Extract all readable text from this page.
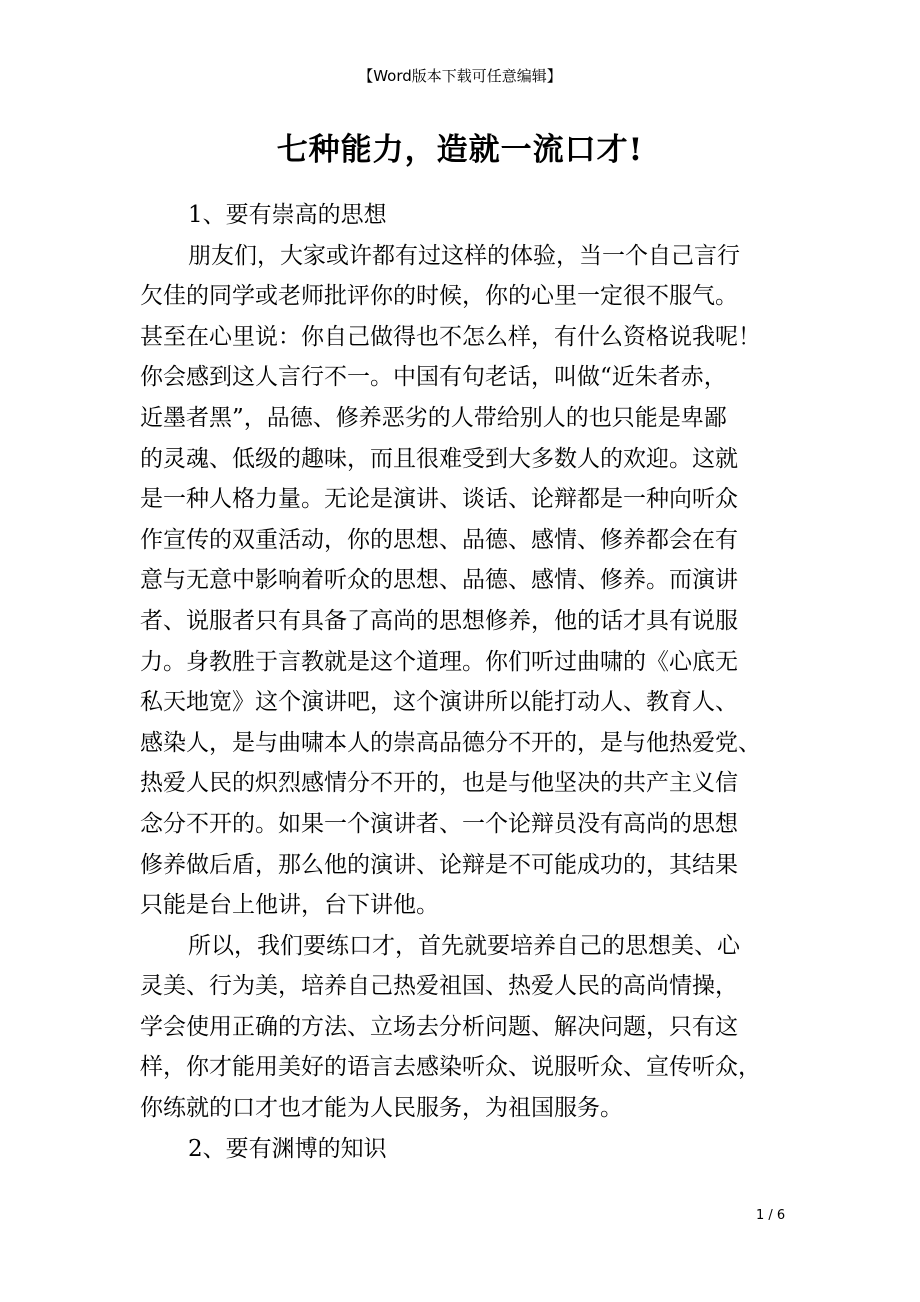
【Word版本下载可任意编辑】
七种能力，造就一流口才!
1、要有崇高的思想

朋友们，大家或许都有过这样的体验，当一个自己言行

欠佳的同学或老师批评你的时候，你的心里一定很不服气。

甚至在心里说：你自己做得也不怎么样，有什么资格说我呢！

你会感到这人言行不一。中国有句老话，叫做“近朱者赤，

近墨者黑”，品德、修养恶劣的人带给别人的也只能是卑鄙

的灵魂、低级的趣味，而且很难受到大多数人的欢迎。这就

是一种人格力量。无论是演讲、谈话、论辩都是一种向听众

作宣传的双重活动，你的思想、品德、感情、修养都会在有

意与无意中影响着听众的思想、品德、感情、修养。而演讲

者、说服者只有具备了高尚的思想修养，他的话才具有说服

力。身教胜于言教就是这个道理。你们听过曲啸的《心底无

私天地宽》这个演讲吧，这个演讲所以能打动人、教育人、

感染人，是与曲啸本人的崇高品德分不开的，是与他热爱党、

热爱人民的炽烈感情分不开的，也是与他坚决的共产主义信

念分不开的。如果一个演讲者、一个论辩员没有高尚的思想

修养做后盾，那么他的演讲、论辩是不可能成功的，其结果

只能是台上他讲，台下讲他。

所以，我们要练口才，首先就要培养自己的思想美、心

灵美、行为美，培养自己热爱祖国、热爱人民的高尚情操，

学会使用正确的方法、立场去分析问题、解决问题，只有这

样，你才能用美好的语言去感染听众、说服听众、宣传听众，

你练就的口才也才能为人民服务，为祖国服务。

2、要有渊博的知识
1 / 6
